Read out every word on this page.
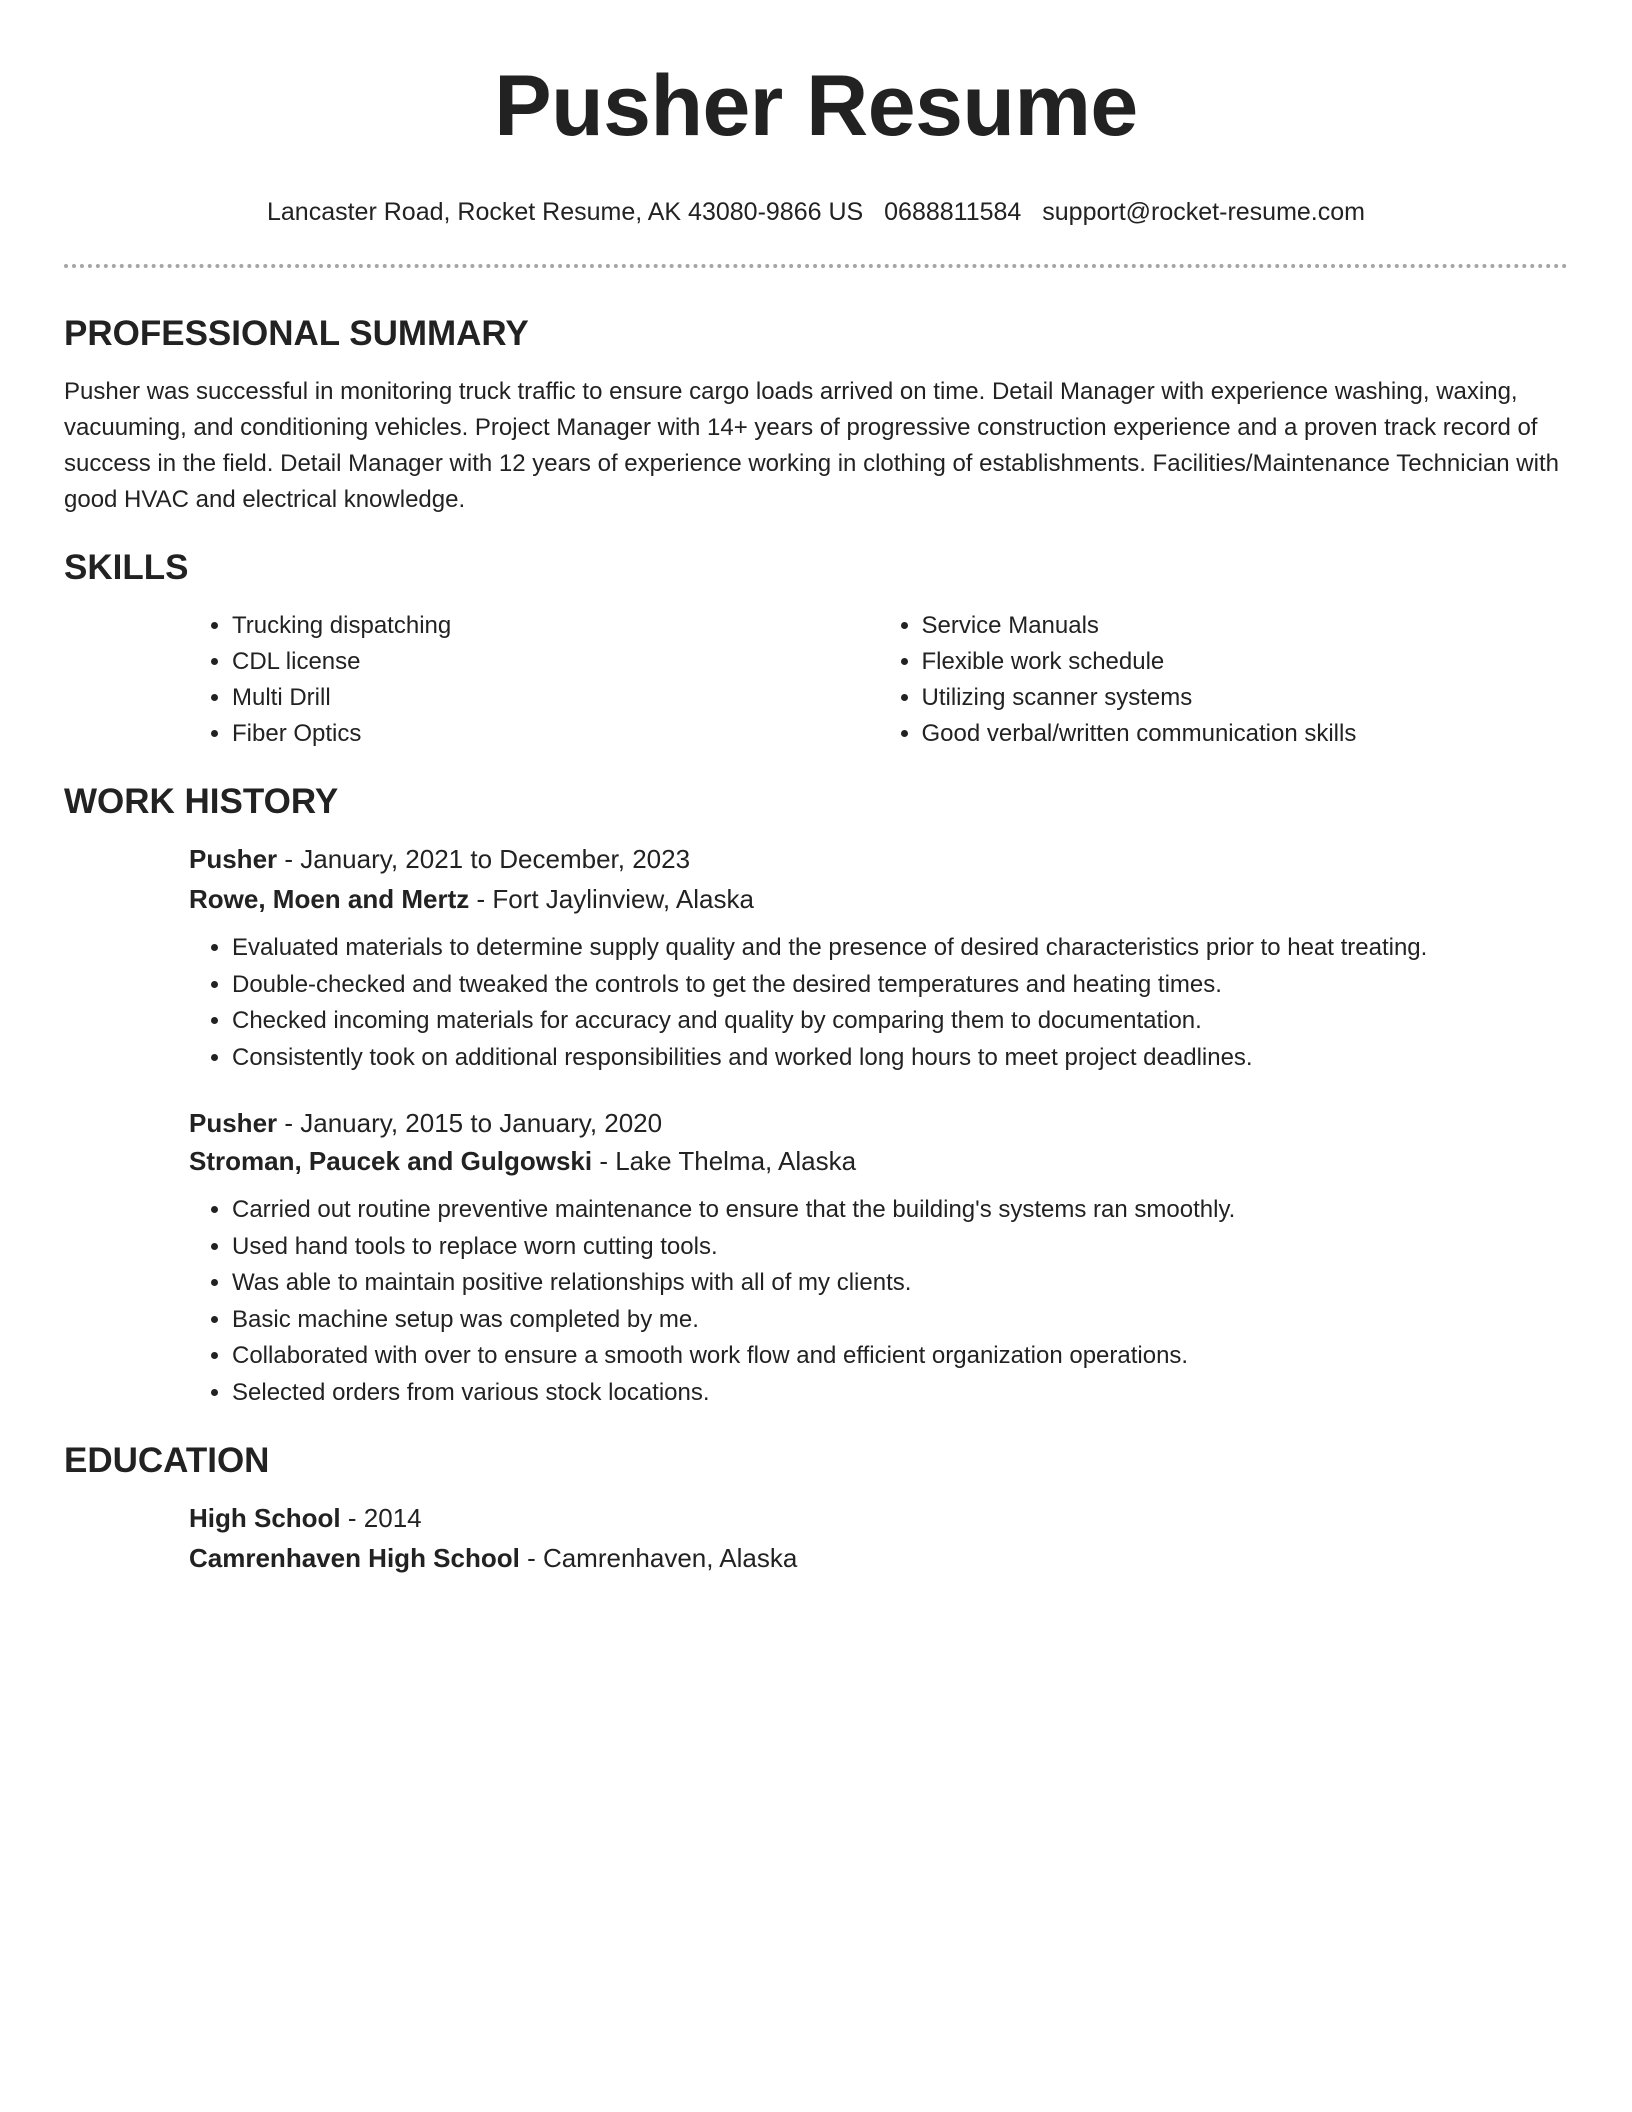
Pusher Resume
Lancaster Road, Rocket Resume, AK 43080-9866 US 0688811584 support@rocket-resume.com
PROFESSIONAL SUMMARY

Pusher was successful in monitoring truck traffic to ensure cargo loads arrived on time. Detail Manager with experience washing, waxing, vacuuming, and conditioning vehicles. Project Manager with 14+ years of progressive construction experience and a proven track record of success in the field. Detail Manager with 12 years of experience working in clothing of establishments. Facilities/Maintenance Technician with good HVAC and electrical knowledge.

SKILLS
• Trucking dispatching
• CDL license
• Multi Drill
• Fiber Optics
• Service Manuals
• Flexible work schedule
• Utilizing scanner systems
• Good verbal/written communication skills
WORK HISTORY
Pusher - January, 2021 to December, 2023
Rowe, Moen and Mertz - Fort Jaylinview, Alaska
• Evaluated materials to determine supply quality and the presence of desired characteristics prior to heat treating.
• Double-checked and tweaked the controls to get the desired temperatures and heating times.
• Checked incoming materials for accuracy and quality by comparing them to documentation.
• Consistently took on additional responsibilities and worked long hours to meet project deadlines.
Pusher - January, 2015 to January, 2020
Stroman, Paucek and Gulgowski - Lake Thelma, Alaska
• Carried out routine preventive maintenance to ensure that the building's systems ran smoothly.
• Used hand tools to replace worn cutting tools.
• Was able to maintain positive relationships with all of my clients.
• Basic machine setup was completed by me.
• Collaborated with over to ensure a smooth work flow and efficient organization operations.
• Selected orders from various stock locations.
EDUCATION
High School - 2014
Camrenhaven High School - Camrenhaven, Alaska
